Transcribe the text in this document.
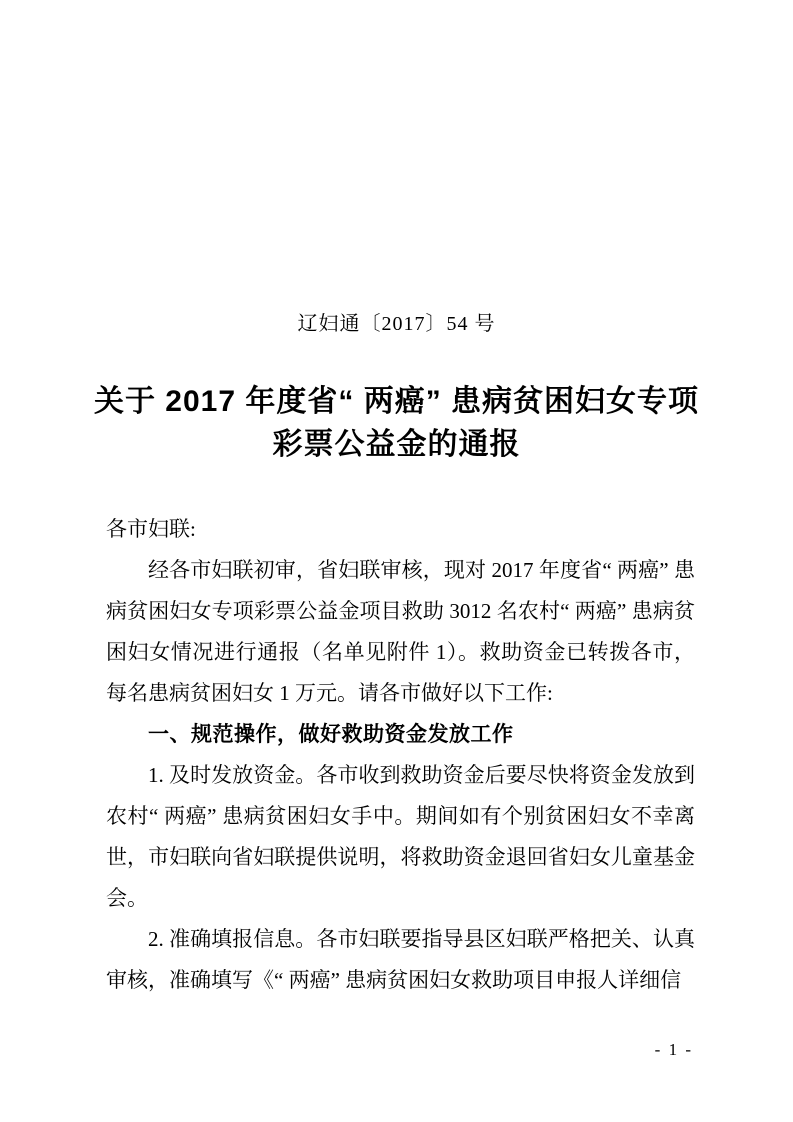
辽妇通〔2017〕54 号
关于 2017 年度省“ 两癌” 患病贫困妇女专项
彩票公益金的通报

各市妇联:

经各市妇联初审，省妇联审核，现对 2017 年度省“ 两癌” 患病贫困妇女专项彩票公益金项目救助 3012 名农村“ 两癌” 患病贫困妇女情况进行通报（名单见附件 1）。救助资金已转拨各市，每名患病贫困妇女 1 万元。请各市做好以下工作:

一、规范操作，做好救助资金发放工作

1. 及时发放资金。各市收到救助资金后要尽快将资金发放到农村“ 两癌” 患病贫困妇女手中。期间如有个别贫困妇女不幸离世，市妇联向省妇联提供说明，将救助资金退回省妇女儿童基金会。

2. 准确填报信息。各市妇联要指导县区妇联严格把关、认真审核，准确填写《“ 两癌” 患病贫困妇女救助项目申报人详细信

- 1 -
